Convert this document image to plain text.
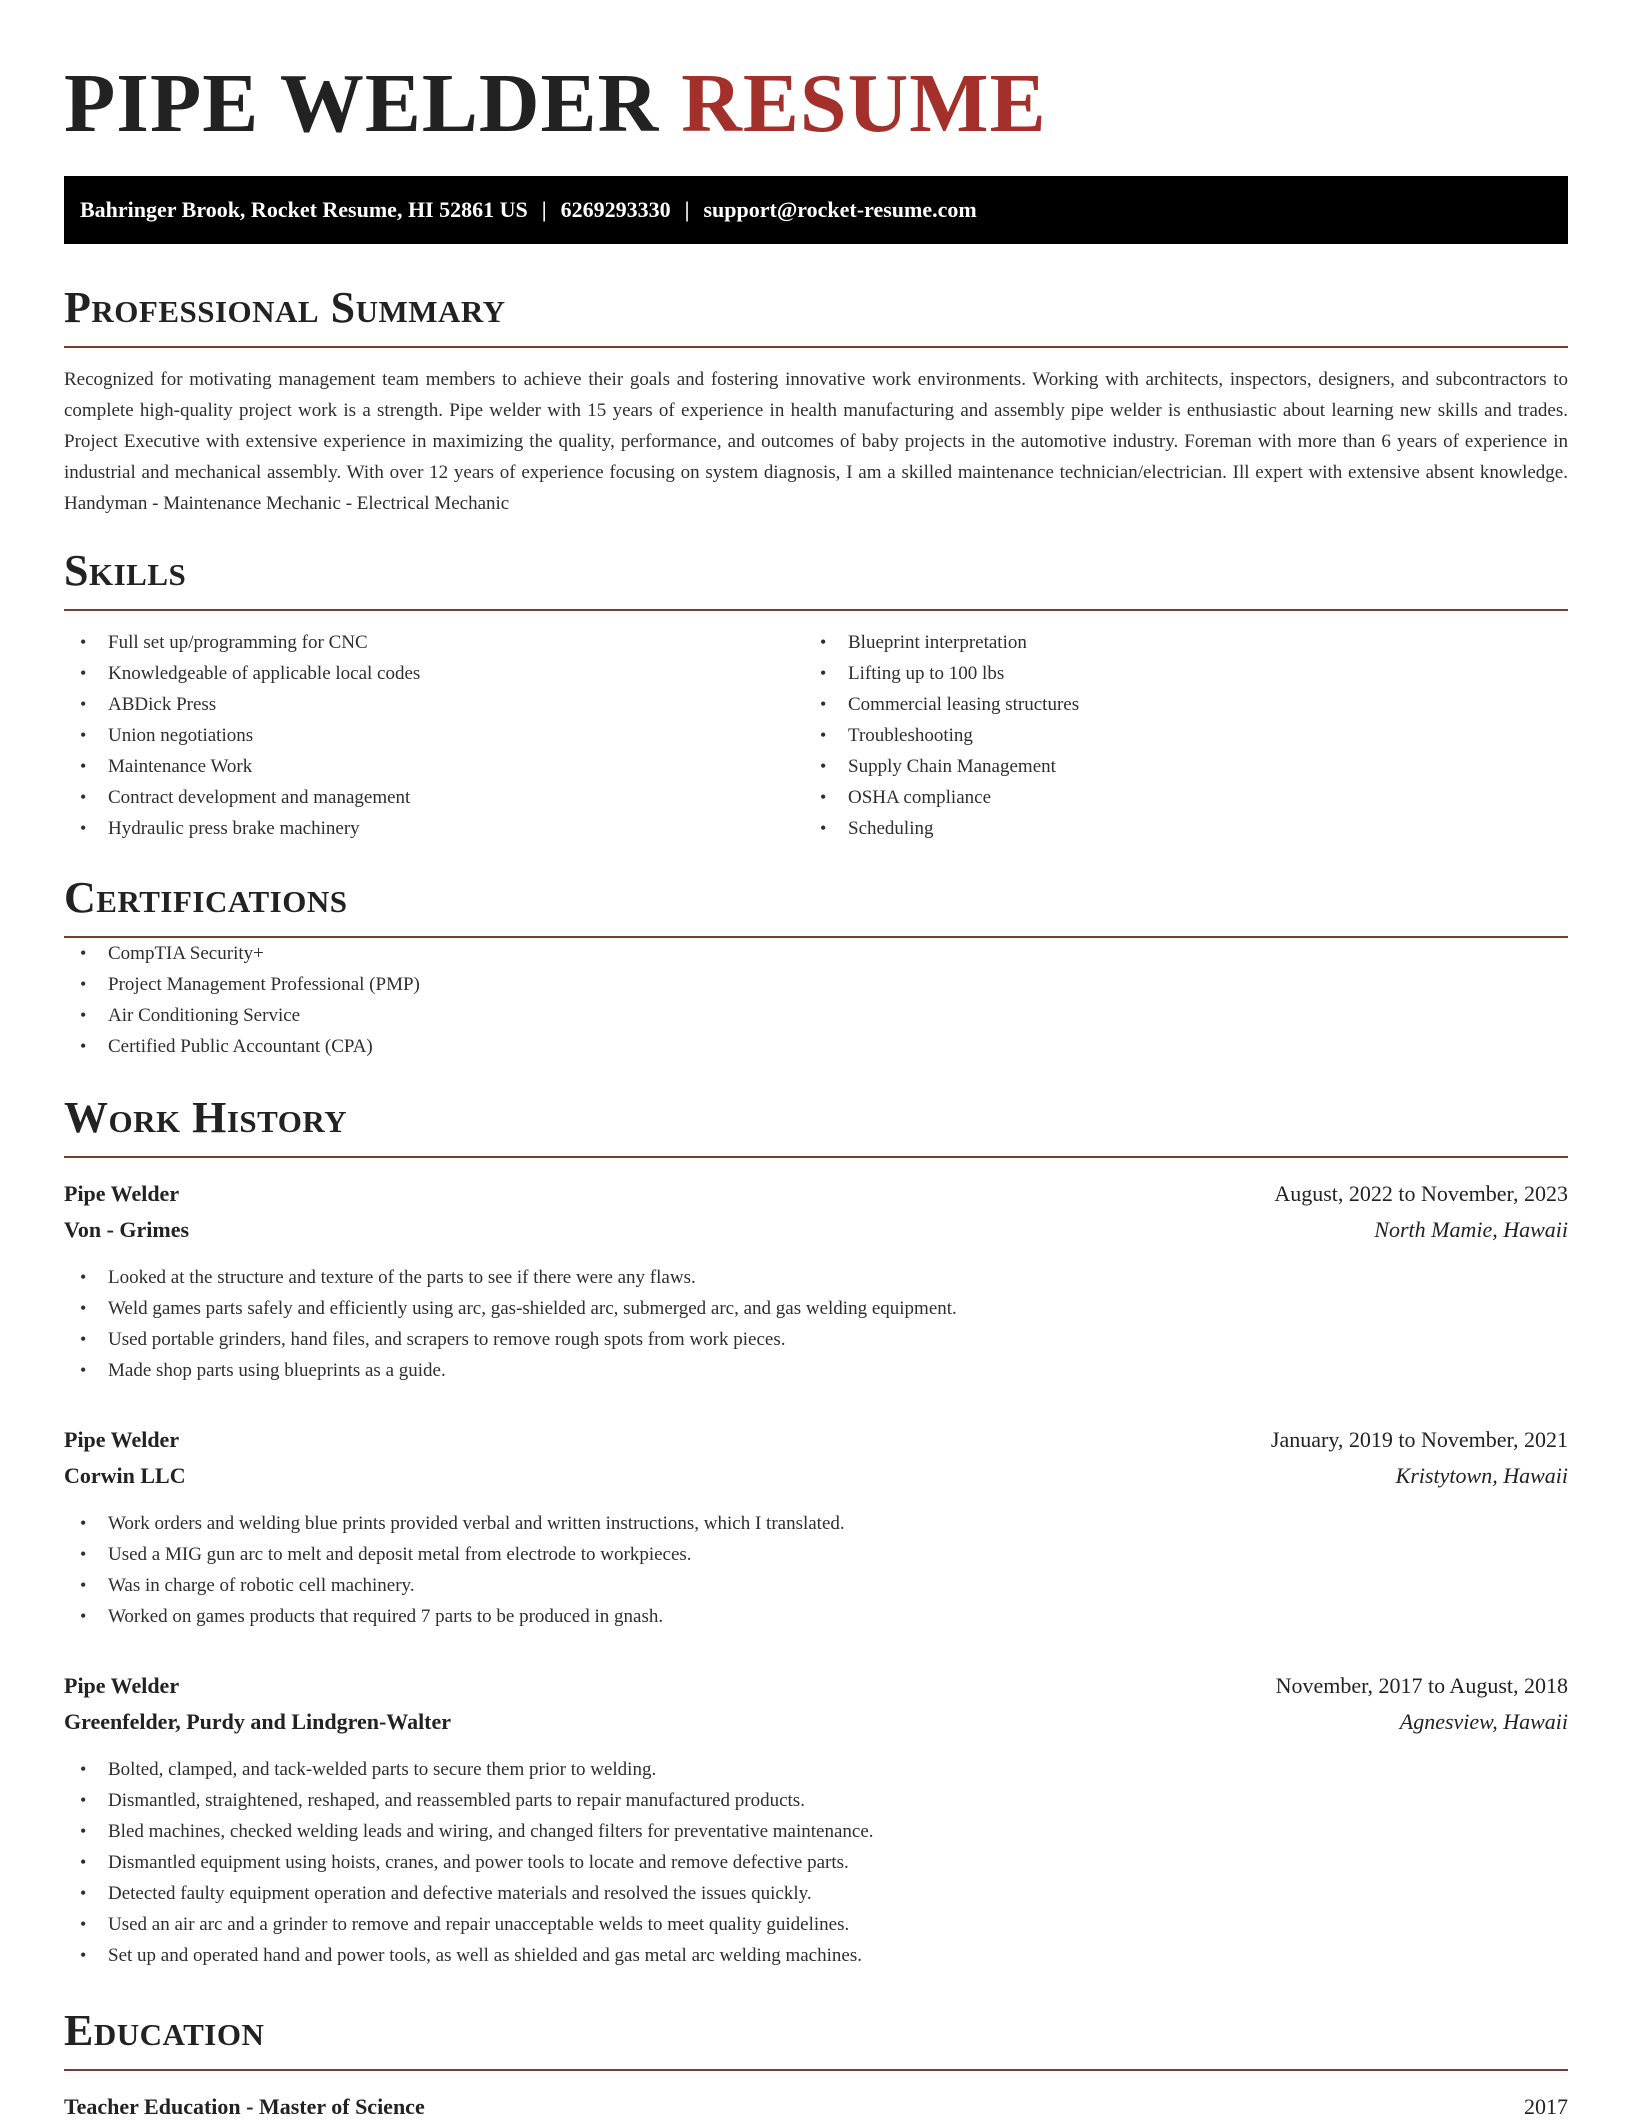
PIPE WELDER RESUME
Bahringer Brook, Rocket Resume, HI 52861 US | 6269293330 | support@rocket-resume.com
Professional Summary

Recognized for motivating management team members to achieve their goals and fostering innovative work environments. Working with architects, inspectors, designers, and subcontractors to complete high-quality project work is a strength. Pipe welder with 15 years of experience in health manufacturing and assembly pipe welder is enthusiastic about learning new skills and trades. Project Executive with extensive experience in maximizing the quality, performance, and outcomes of baby projects in the automotive industry. Foreman with more than 6 years of experience in industrial and mechanical assembly. With over 12 years of experience focusing on system diagnosis, I am a skilled maintenance technician/electrician. Ill expert with extensive absent knowledge. Handyman - Maintenance Mechanic - Electrical Mechanic

Skills
• Full set up/programming for CNC
• Knowledgeable of applicable local codes
• ABDick Press
• Union negotiations
• Maintenance Work
• Contract development and management
• Hydraulic press brake machinery
• Blueprint interpretation
• Lifting up to 100 lbs
• Commercial leasing structures
• Troubleshooting
• Supply Chain Management
• OSHA compliance
• Scheduling
Certifications
• CompTIA Security+
• Project Management Professional (PMP)
• Air Conditioning Service
• Certified Public Accountant (CPA)
Work History
Pipe Welder	August, 2022 to November, 2023
Von - Grimes	North Mamie, Hawaii
• Looked at the structure and texture of the parts to see if there were any flaws.
• Weld games parts safely and efficiently using arc, gas-shielded arc, submerged arc, and gas welding equipment.
• Used portable grinders, hand files, and scrapers to remove rough spots from work pieces.
• Made shop parts using blueprints as a guide.
Pipe Welder	January, 2019 to November, 2021
Corwin LLC	Kristytown, Hawaii
• Work orders and welding blue prints provided verbal and written instructions, which I translated.
• Used a MIG gun arc to melt and deposit metal from electrode to workpieces.
• Was in charge of robotic cell machinery.
• Worked on games products that required 7 parts to be produced in gnash.
Pipe Welder	November, 2017 to August, 2018
Greenfelder, Purdy and Lindgren-Walter	Agnesview, Hawaii
• Bolted, clamped, and tack-welded parts to secure them prior to welding.
• Dismantled, straightened, reshaped, and reassembled parts to repair manufactured products.
• Bled machines, checked welding leads and wiring, and changed filters for preventative maintenance.
• Dismantled equipment using hoists, cranes, and power tools to locate and remove defective parts.
• Detected faulty equipment operation and defective materials and resolved the issues quickly.
• Used an air arc and a grinder to remove and repair unacceptable welds to meet quality guidelines.
• Set up and operated hand and power tools, as well as shielded and gas metal arc welding machines.
Education
Teacher Education - Master of Science	2017
